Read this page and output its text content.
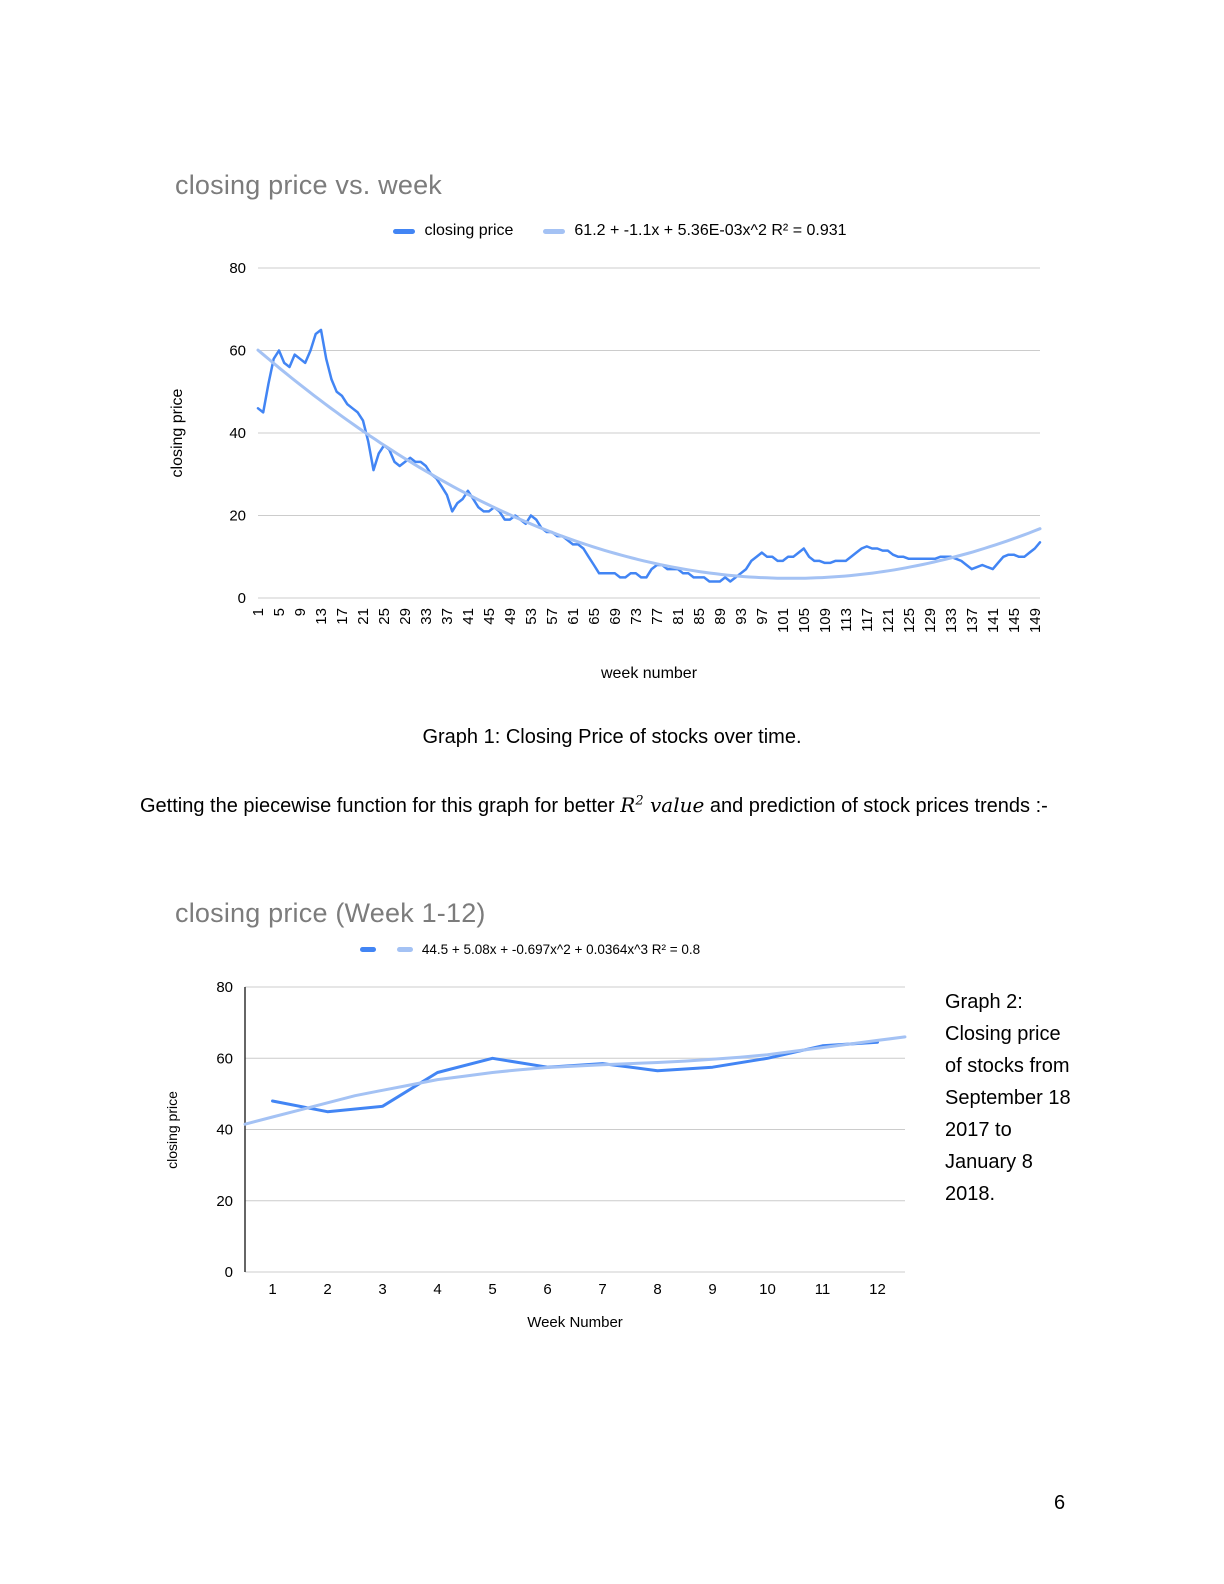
closing price vs. week
closing price	61.2 + -1.1x + 5.36E-03x^2 R² = 0.931
0
20
40
60
80
1 5 9 13 17 21 25 29 33 37 41 45 49 53 57 61 65 69 73 77 81 85 89 93 97 101 105 109 113 117 121 125 129 133 137 141 145 149
closing price
week number
Graph 1: Closing Price of stocks over time.

Getting the piecewise function for this graph for better $R^2$ value and prediction of stock prices trends :-

closing price (Week 1-12)
44.5 + 5.08x + -0.697x^2 + 0.0364x^3 R² = 0.8
0
20
40
60
80
1	2	3	4	5	6	7	8	9	10	11	12
closing price
Week Number
Graph 2: Closing price of stocks from September 18 2017 to January 8 2018.
6
